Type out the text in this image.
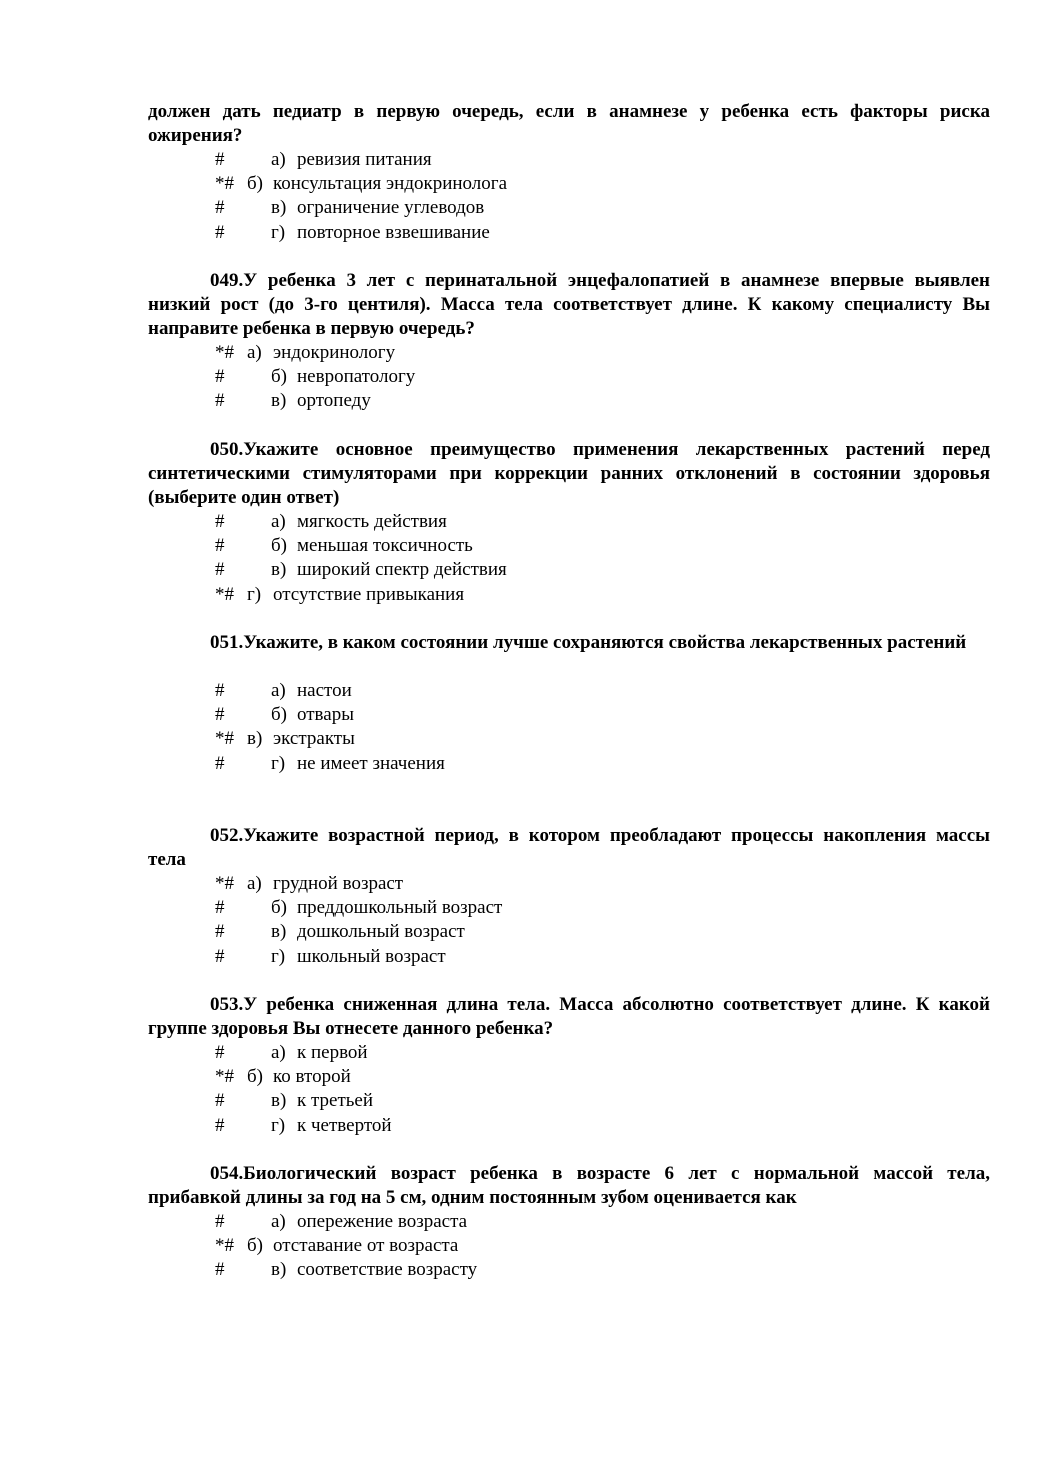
должен дать педиатр в первую очередь, если в анамнезе у ребенка есть факторы риска ожирения?

# а) ревизия питания
*# б) консультация эндокринолога
# в) ограничение углеводов
# г) повторное взвешивание

049.У ребенка 3 лет с перинатальной энцефалопатией в анамнезе впервые выявлен низкий рост (до 3-го центиля). Масса тела соответствует длине. К какому специалисту Вы направите ребенка в первую очередь?

*# а) эндокринологу
# б) невропатологу
# в) ортопеду

050.Укажите основное преимущество применения лекарственных растений перед синтетическими стимуляторами при коррекции ранних отклонений в состоянии здоровья (выберите один ответ)

# а) мягкость действия
# б) меньшая токсичность
# в) широкий спектр действия
*# г) отсутствие привыкания

051.Укажите, в каком состоянии лучше сохраняются свойства лекарственных растений

# а) настои
# б) отвары
*# в) экстракты
# г) не имеет значения

052.Укажите возрастной период, в котором преобладают процессы накопления массы тела

*# а) грудной возраст
# б) преддошкольный возраст
# в) дошкольный возраст
# г) школьный возраст

053.У ребенка сниженная длина тела. Масса абсолютно соответствует длине. К какой группе здоровья Вы отнесете данного ребенка?

# а) к первой
*# б) ко второй
# в) к третьей
# г) к четвертой

054.Биологический возраст ребенка в возрасте 6 лет с нормальной массой тела, прибавкой длины за год на 5 см, одним постоянным зубом оценивается как

# а) опережение возраста
*# б) отставание от возраста
# в) соответствие возрасту
